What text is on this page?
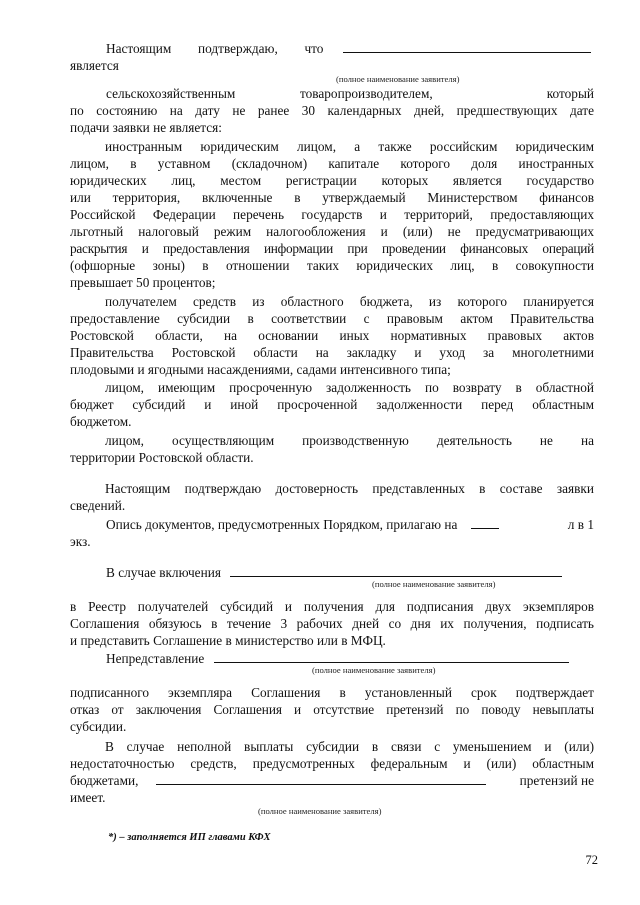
Настоящим подтверждаю, что
является
(полное наименование заявителя)
сельскохозяйственным	товаропроизводителем,	который
по состоянию на дату не ранее 30 календарных дней, предшествующих дате
подачи заявки не является:
иностранным юридическим лицом, а также российским юридическим
лицом, в уставном (складочном) капитале которого доля иностранных
юридических лиц, местом регистрации которых является государство
или территория, включенные в утверждаемый Министерством финансов
Российской Федерации перечень государств и территорий, предоставляющих
льготный налоговый режим налогообложения и (или) не предусматривающих
раскрытия и предоставления информации при проведении финансовых операций
(офшорные зоны) в отношении таких юридических лиц, в совокупности
превышает 50 процентов;
получателем средств из областного бюджета, из которого планируется
предоставление субсидии в соответствии с правовым актом Правительства
Ростовской области, на основании иных нормативных правовых актов
Правительства Ростовской области на закладку и уход за многолетними
плодовыми и ягодными насаждениями, садами интенсивного типа;
лицом, имеющим просроченную задолженность по возврату в областной
бюджет субсидий и иной просроченной задолженности перед областным
бюджетом.
лицом, осуществляющим производственную деятельность не на
территории Ростовской области.
Настоящим подтверждаю достоверность представленных в составе заявки
сведений.
Опись документов, предусмотренных Порядком, прилагаю на	л в 1
экз.
В случае включения
(полное наименование заявителя)
в Реестр получателей субсидий и получения для подписания двух экземпляров
Соглашения обязуюсь в течение 3 рабочих дней со дня их получения, подписать
и представить Соглашение в министерство или в МФЦ.
Непредставление
(полное наименование заявителя)
подписанного экземпляра Соглашения в установленный срок подтверждает
отказ от заключения Соглашения и отсутствие претензий по поводу невыплаты
субсидии.
В случае неполной выплаты субсидии в связи с уменьшением и (или)
недостаточностью средств, предусмотренных федеральным и (или) областным
бюджетами,	претензий не
имеет.
(полное наименование заявителя)
*) – заполняется ИП главами КФХ
72
